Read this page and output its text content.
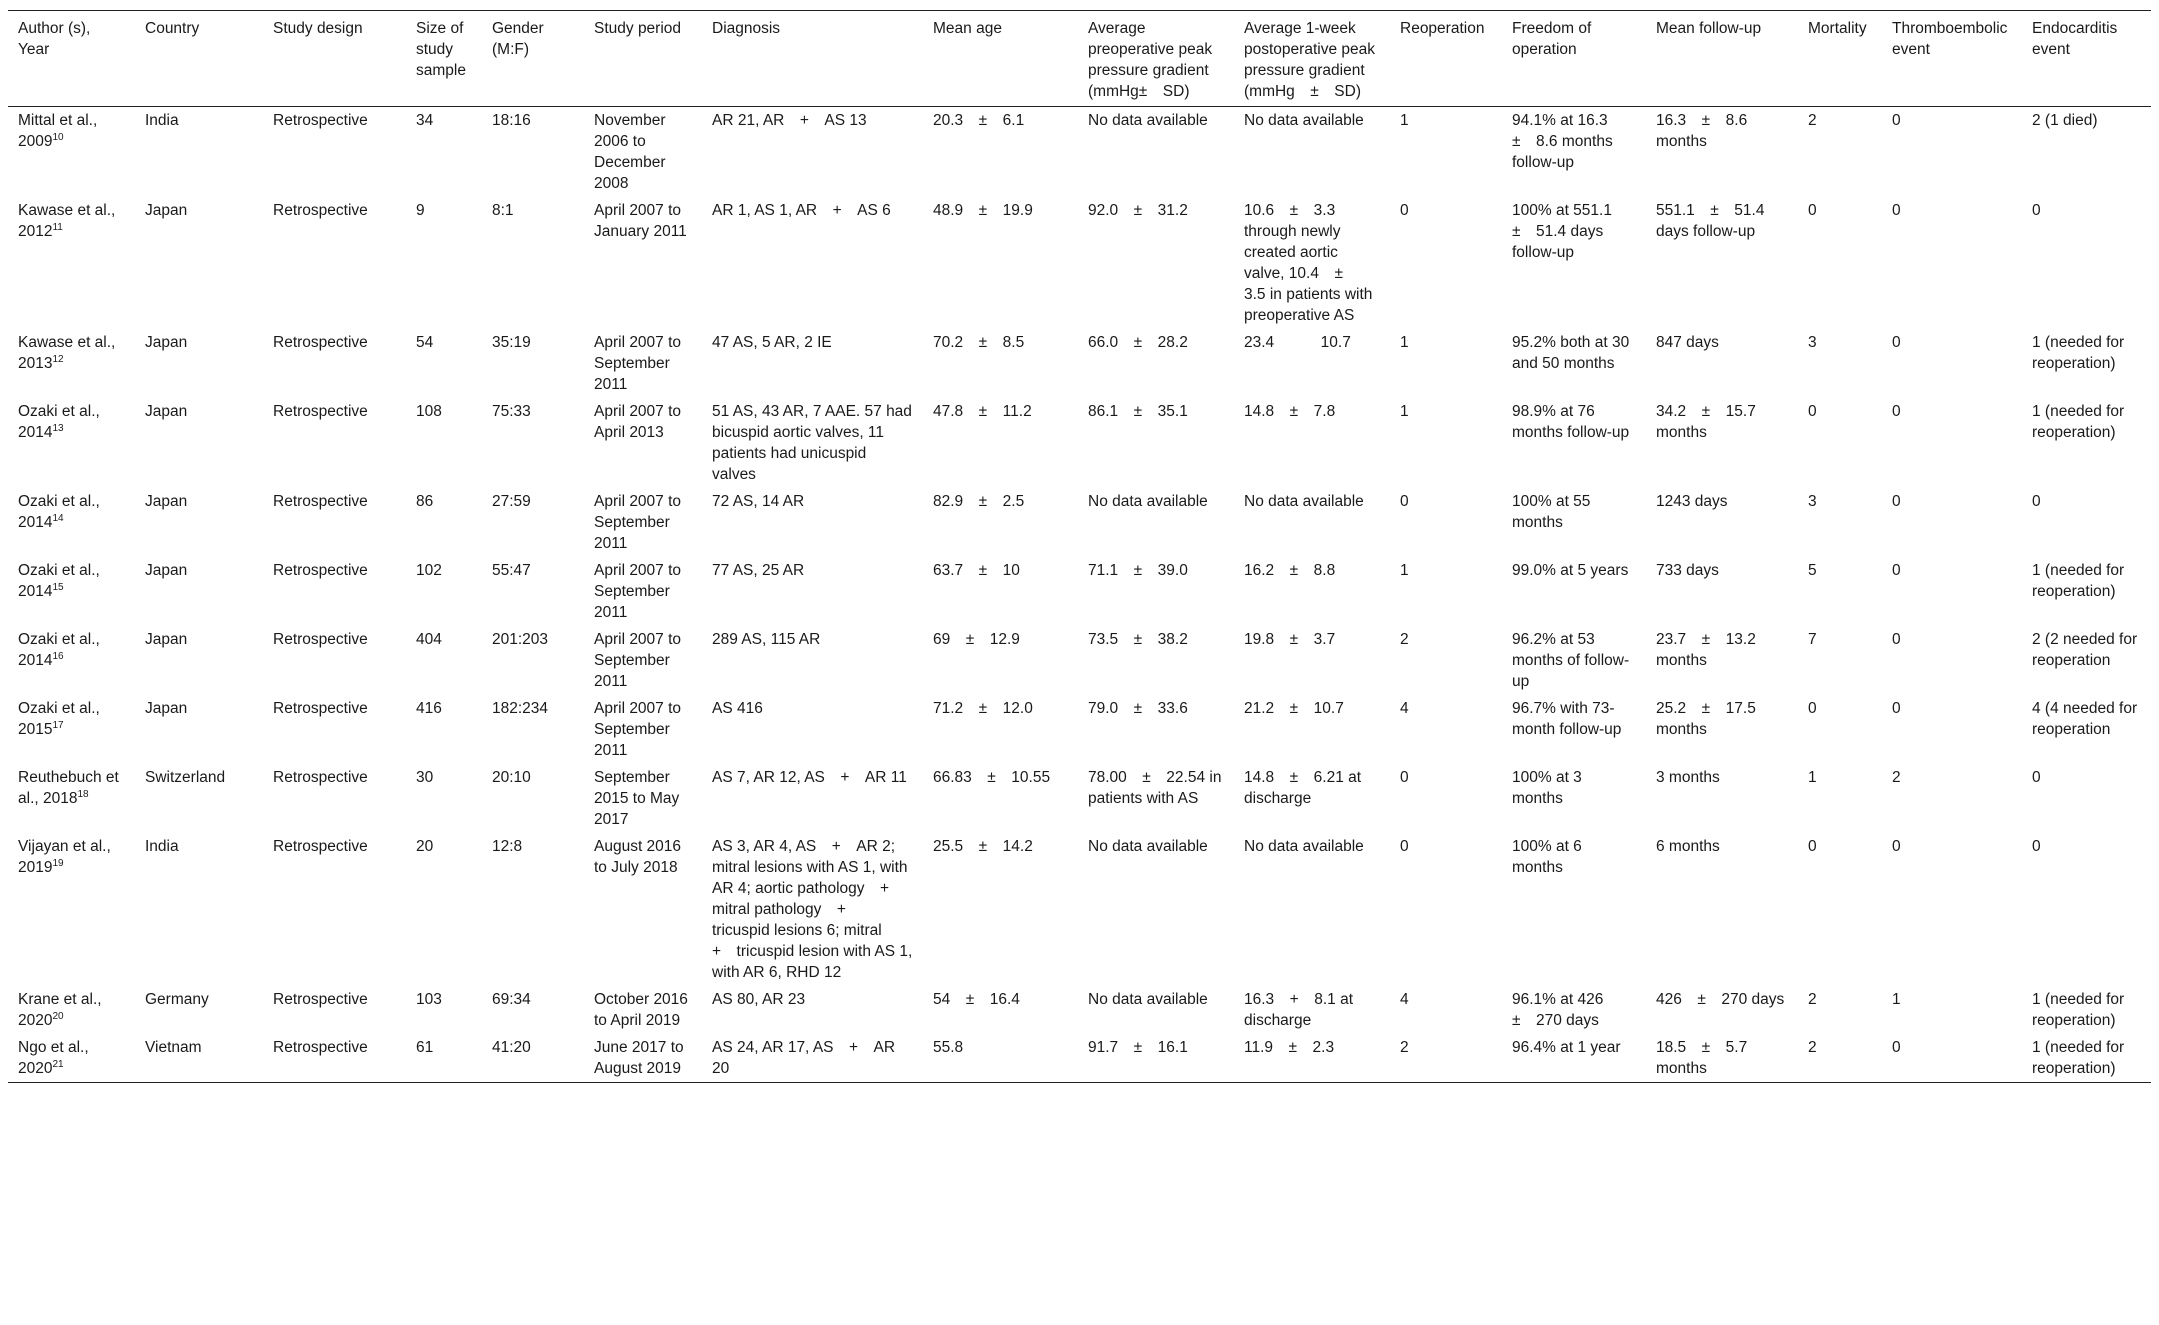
Author (s), Year	Country	Study design	Size of study sample	Gender (M:F)	Study period	Diagnosis	Mean age	Average preoperative peak pressure gradient (mmHg± SD)	Average 1-week postoperative peak pressure gradient (mmHg ± SD)	Reoperation	Freedom of operation	Mean follow-up	Mortality	Thromboembolic event	Endocarditis event
Mittal et al., 2009$^{10}$	India	Retrospective	34	18:16	November 2006 to December 2008	AR 21, AR + AS 13	20.3 ± 6.1	No data available	No data available	1	94.1% at 16.3 ± 8.6 months follow-up	16.3 ± 8.6 months	2	0	2 (1 died)
Kawase et al., 2012$^{11}$	Japan	Retrospective	9	8:1	April 2007 to January 2011	AR 1, AS 1, AR + AS 6	48.9 ± 19.9	92.0 ± 31.2	10.6 ± 3.3 through newly created aortic valve, 10.4 ± 3.5 in patients with preoperative AS	0	100% at 551.1 ± 51.4 days follow-up	551.1 ± 51.4 days follow-up	0	0	0
Kawase et al., 2013$^{12}$	Japan	Retrospective	54	35:19	April 2007 to September 2011	47 AS, 5 AR, 2 IE	70.2 ± 8.5	66.0 ± 28.2	23.4   10.7	1	95.2% both at 30 and 50 months	847 days	3	0	1 (needed for reoperation)
Ozaki et al., 2014$^{13}$	Japan	Retrospective	108	75:33	April 2007 to April 2013	51 AS, 43 AR, 7 AAE. 57 had bicuspid aortic valves, 11 patients had unicuspid valves	47.8 ± 11.2	86.1 ± 35.1	14.8 ± 7.8	1	98.9% at 76 months follow-up	34.2 ± 15.7 months	0	0	1 (needed for reoperation)
Ozaki et al., 2014$^{14}$	Japan	Retrospective	86	27:59	April 2007 to September 2011	72 AS, 14 AR	82.9 ± 2.5	No data available	No data available	0	100% at 55 months	1243 days	3	0	0
Ozaki et al., 2014$^{15}$	Japan	Retrospective	102	55:47	April 2007 to September 2011	77 AS, 25 AR	63.7 ± 10	71.1 ± 39.0	16.2 ± 8.8	1	99.0% at 5 years	733 days	5	0	1 (needed for reoperation)
Ozaki et al., 2014$^{16}$	Japan	Retrospective	404	201:203	April 2007 to September 2011	289 AS, 115 AR	69 ± 12.9	73.5 ± 38.2	19.8 ± 3.7	2	96.2% at 53 months of follow-up	23.7 ± 13.2 months	7	0	2 (2 needed for reoperation
Ozaki et al., 2015$^{17}$	Japan	Retrospective	416	182:234	April 2007 to September 2011	AS 416	71.2 ± 12.0	79.0 ± 33.6	21.2 ± 10.7	4	96.7% with 73-month follow-up	25.2 ± 17.5 months	0	0	4 (4 needed for reoperation
Reuthebuch et al., 2018$^{18}$	Switzerland	Retrospective	30	20:10	September 2015 to May 2017	AS 7, AR 12, AS + AR 11	66.83 ± 10.55	78.00 ± 22.54 in patients with AS	14.8 ± 6.21 at discharge	0	100% at 3 months	3 months	1	2	0
Vijayan et al., 2019$^{19}$	India	Retrospective	20	12:8	August 2016 to July 2018	AS 3, AR 4, AS + AR 2; mitral lesions with AS 1, with AR 4; aortic pathology + mitral pathology + tricuspid lesions 6; mitral + tricuspid lesion with AS 1, with AR 6, RHD 12	25.5 ± 14.2	No data available	No data available	0	100% at 6 months	6 months	0	0	0
Krane et al., 2020$^{20}$	Germany	Retrospective	103	69:34	October 2016 to April 2019	AS 80, AR 23	54 ± 16.4	No data available	16.3 + 8.1 at discharge	4	96.1% at 426 ± 270 days	426 ± 270 days	2	1	1 (needed for reoperation)
Ngo et al., 2020$^{21}$	Vietnam	Retrospective	61	41:20	June 2017 to August 2019	AS 24, AR 17, AS + AR 20	55.8	91.7 ± 16.1	11.9 ± 2.3	2	96.4% at 1 year	18.5 ± 5.7 months	2	0	1 (needed for reoperation)
